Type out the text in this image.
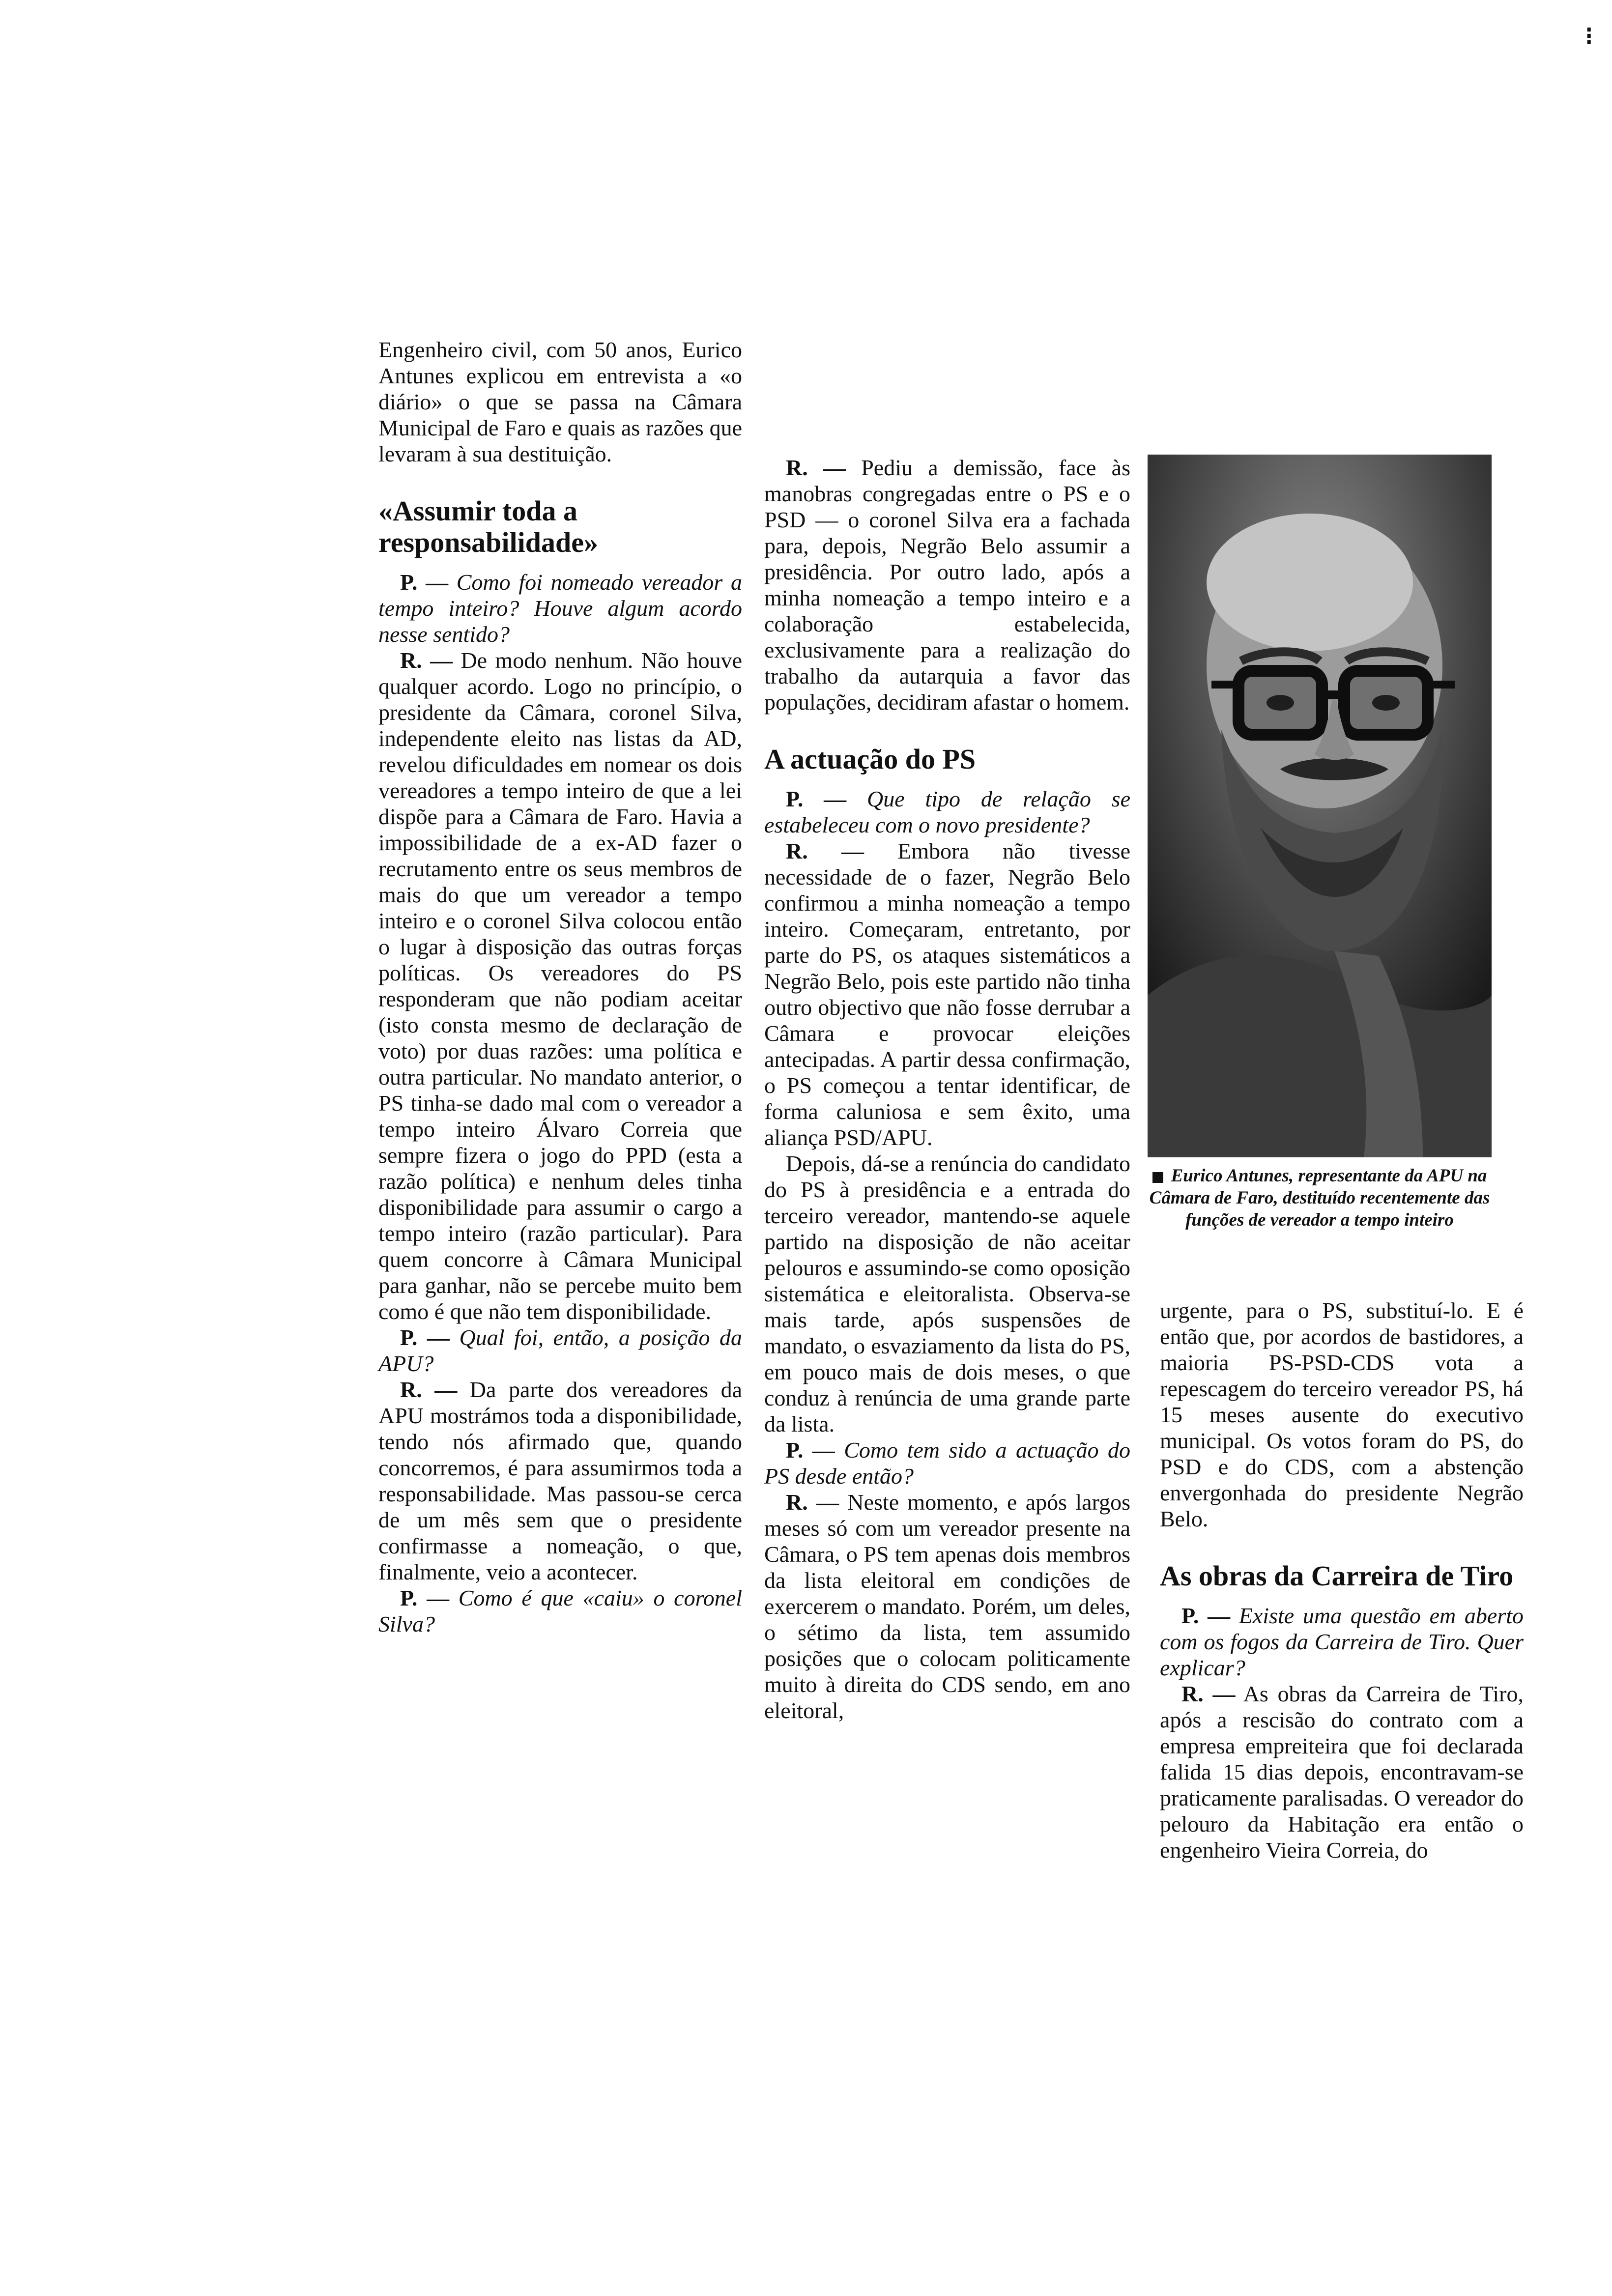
⁝

Engenheiro civil, com 50 anos, Eurico Antunes explicou em entrevista a «o diário» o que se passa na Câmara Municipal de Faro e quais as razões que levaram à sua destituição.

«Assumir toda a responsabilidade»

P. — Como foi nomeado vereador a tempo inteiro? Houve algum acordo nesse sentido?

R. — De modo nenhum. Não houve qualquer acordo. Logo no princípio, o presidente da Câmara, coronel Silva, independente eleito nas listas da AD, revelou dificuldades em nomear os dois vereadores a tempo inteiro de que a lei dispõe para a Câmara de Faro. Havia a impossibilidade de a ex-AD fazer o recrutamento entre os seus membros de mais do que um vereador a tempo inteiro e o coronel Silva colocou então o lugar à disposição das outras forças políticas. Os vereadores do PS responderam que não podiam aceitar (isto consta mesmo de declaração de voto) por duas razões: uma política e outra particular. No mandato anterior, o PS tinha-se dado mal com o vereador a tempo inteiro Álvaro Correia que sempre fizera o jogo do PPD (esta a razão política) e nenhum deles tinha disponibilidade para assumir o cargo a tempo inteiro (razão particular). Para quem concorre à Câmara Municipal para ganhar, não se percebe muito bem como é que não tem disponibilidade.

P. — Qual foi, então, a posição da APU?

R. — Da parte dos vereadores da APU mostrámos toda a disponibilidade, tendo nós afirmado que, quando concorremos, é para assumirmos toda a responsabilidade. Mas passou-se cerca de um mês sem que o presidente confirmasse a nomeação, o que, finalmente, veio a acontecer.

P. — Como é que «caiu» o coronel Silva?

R. — Pediu a demissão, face às manobras congregadas entre o PS e o PSD — o coronel Silva era a fachada para, depois, Negrão Belo assumir a presidência. Por outro lado, após a minha nomeação a tempo inteiro e a colaboração estabelecida, exclusivamente para a realização do trabalho da autarquia a favor das populações, decidiram afastar o homem.

A actuação do PS

P. — Que tipo de relação se estabeleceu com o novo presidente?

R. — Embora não tivesse necessidade de o fazer, Negrão Belo confirmou a minha nomeação a tempo inteiro. Começaram, entretanto, por parte do PS, os ataques sistemáticos a Negrão Belo, pois este partido não tinha outro objectivo que não fosse derrubar a Câmara e provocar eleições antecipadas. A partir dessa confirmação, o PS começou a tentar identificar, de forma caluniosa e sem êxito, uma aliança PSD/APU.

Depois, dá-se a renúncia do candidato do PS à presidência e a entrada do terceiro vereador, mantendo-se aquele partido na disposição de não aceitar pelouros e assumindo-se como oposição sistemática e eleitoralista. Observa-se mais tarde, após suspensões de mandato, o esvaziamento da lista do PS, em pouco mais de dois meses, o que conduz à renúncia de uma grande parte da lista.

P. — Como tem sido a actuação do PS desde então?

R. — Neste momento, e após largos meses só com um vereador presente na Câmara, o PS tem apenas dois membros da lista eleitoral em condições de exercerem o mandato. Porém, um deles, o sétimo da lista, tem assumido posições que o colocam politicamente muito à direita do CDS sendo, em ano eleitoral,

Eurico Antunes, representante da APU na Câmara de Faro, destituído recentemente das funções de vereador a tempo inteiro

urgente, para o PS, substituí-lo. E é então que, por acordos de bastidores, a maioria PS-PSD-CDS vota a repescagem do terceiro vereador PS, há 15 meses ausente do executivo municipal. Os votos foram do PS, do PSD e do CDS, com a abstenção envergonhada do presidente Negrão Belo.

As obras da Carreira de Tiro

P. — Existe uma questão em aberto com os fogos da Carreira de Tiro. Quer explicar?

R. — As obras da Carreira de Tiro, após a rescisão do contrato com a empresa empreiteira que foi declarada falida 15 dias depois, encontravam-se praticamente paralisadas. O vereador do pelouro da Habitação era então o engenheiro Vieira Correia, do
